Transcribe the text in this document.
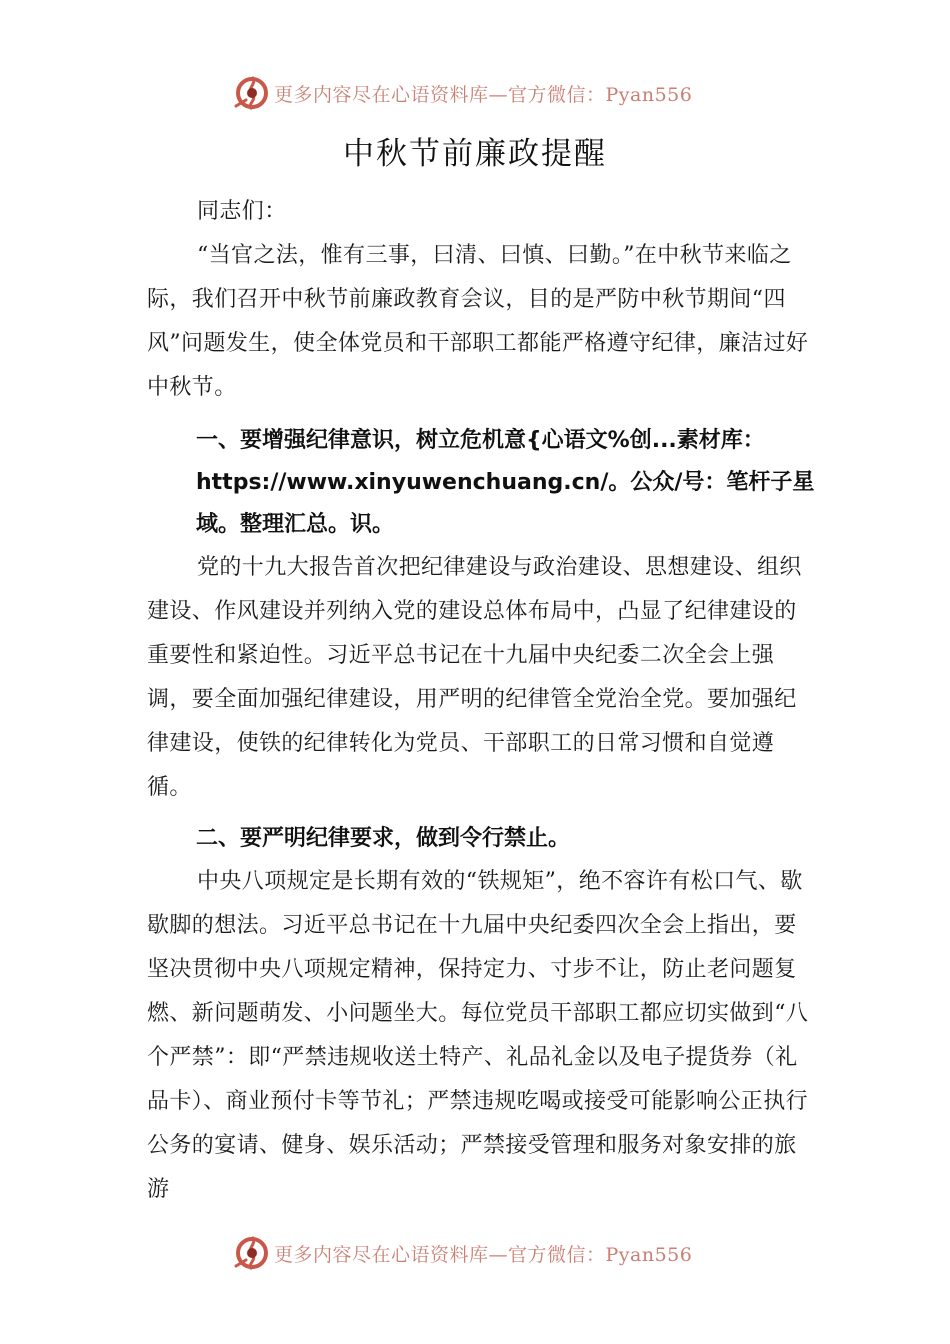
更多内容尽在心语资料库—官方微信：Pyan556
中秋节前廉政提醒

同志们：

“当官之法，惟有三事，曰清、曰慎、曰勤。”在中秋节来临之际，我们召开中秋节前廉政教育会议，目的是严防中秋节期间“四风”问题发生，使全体党员和干部职工都能严格遵守纪律，廉洁过好中秋节。

一、要增强纪律意识，树立危机意{心语文%创...素材库：https://www.xinyuwenchuang.cn/。公众/号：笔杆子星域。整理汇总。识。

党的十九大报告首次把纪律建设与政治建设、思想建设、组织建设、作风建设并列纳入党的建设总体布局中，凸显了纪律建设的重要性和紧迫性。习近平总书记在十九届中央纪委二次全会上强调，要全面加强纪律建设，用严明的纪律管全党治全党。要加强纪律建设，使铁的纪律转化为党员、干部职工的日常习惯和自觉遵循。

二、要严明纪律要求，做到令行禁止。

中央八项规定是长期有效的“铁规矩”，绝不容许有松口气、歇歇脚的想法。习近平总书记在十九届中央纪委四次全会上指出，要坚决贯彻中央八项规定精神，保持定力、寸步不让，防止老问题复燃、新问题萌发、小问题坐大。每位党员干部职工都应切实做到“八个严禁”：即“严禁违规收送土特产、礼品礼金以及电子提货券（礼品卡）、商业预付卡等节礼；严禁违规吃喝或接受可能影响公正执行公务的宴请、健身、娱乐活动；严禁接受管理和服务对象安排的旅游

更多内容尽在心语资料库—官方微信：Pyan556
